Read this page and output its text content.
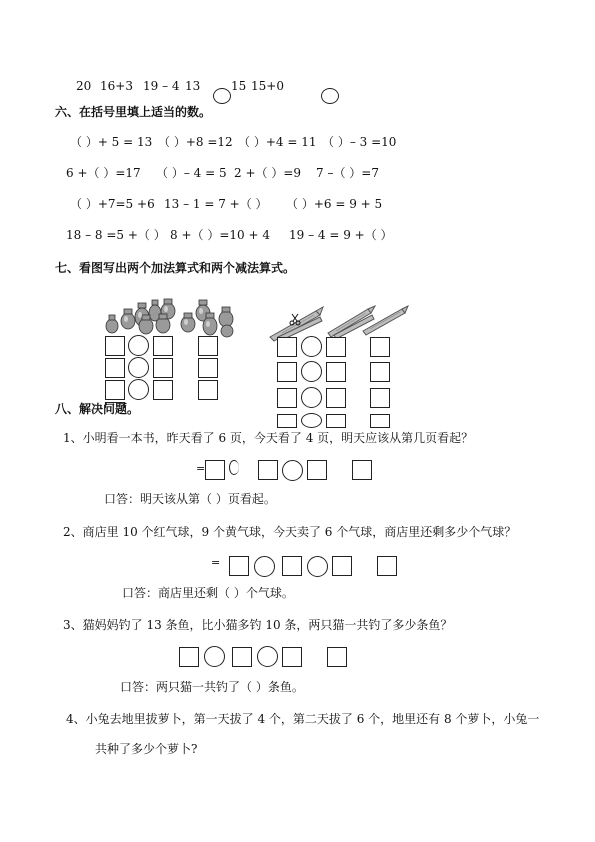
20 16+3 19 – 4 13	15 15+0
六、在括号里填上适当的数。
（ ）+ 5 = 13 （ ）+8 =12 （ ）+4 = 11 （ ）– 3 =10
6 +（ ）=17 （ ）– 4 = 5 2 +（ ）=9 7 –（ ）=7
（ ）+7=5 +6 13 – 1 = 7 +（ ） （ ）+6 = 9 + 5
18 – 8 =5 +（ ） 8 +（ ）=10 + 4 19 – 4 = 9 +（ ）
七、看图写出两个加法算式和两个减法算式。
八、解决问题。
1、小明看一本书，昨天看了 6 页，今天看了 4 页，明天应该从第几页看起？
=
口答：明天该从第（ ）页看起。
2、商店里 10 个红气球，9 个黄气球，今天卖了 6 个气球，商店里还剩多少个气球？
=
口答：商店里还剩（ ）个气球。
3、猫妈妈钓了 13 条鱼，比小猫多钓 10 条，两只猫一共钓了多少条鱼？
口答：两只猫一共钓了（ ）条鱼。
4、小兔去地里拔萝卜，第一天拔了 4 个，第二天拔了 6 个，地里还有 8 个萝卜，小兔一
共种了多少个萝卜?
